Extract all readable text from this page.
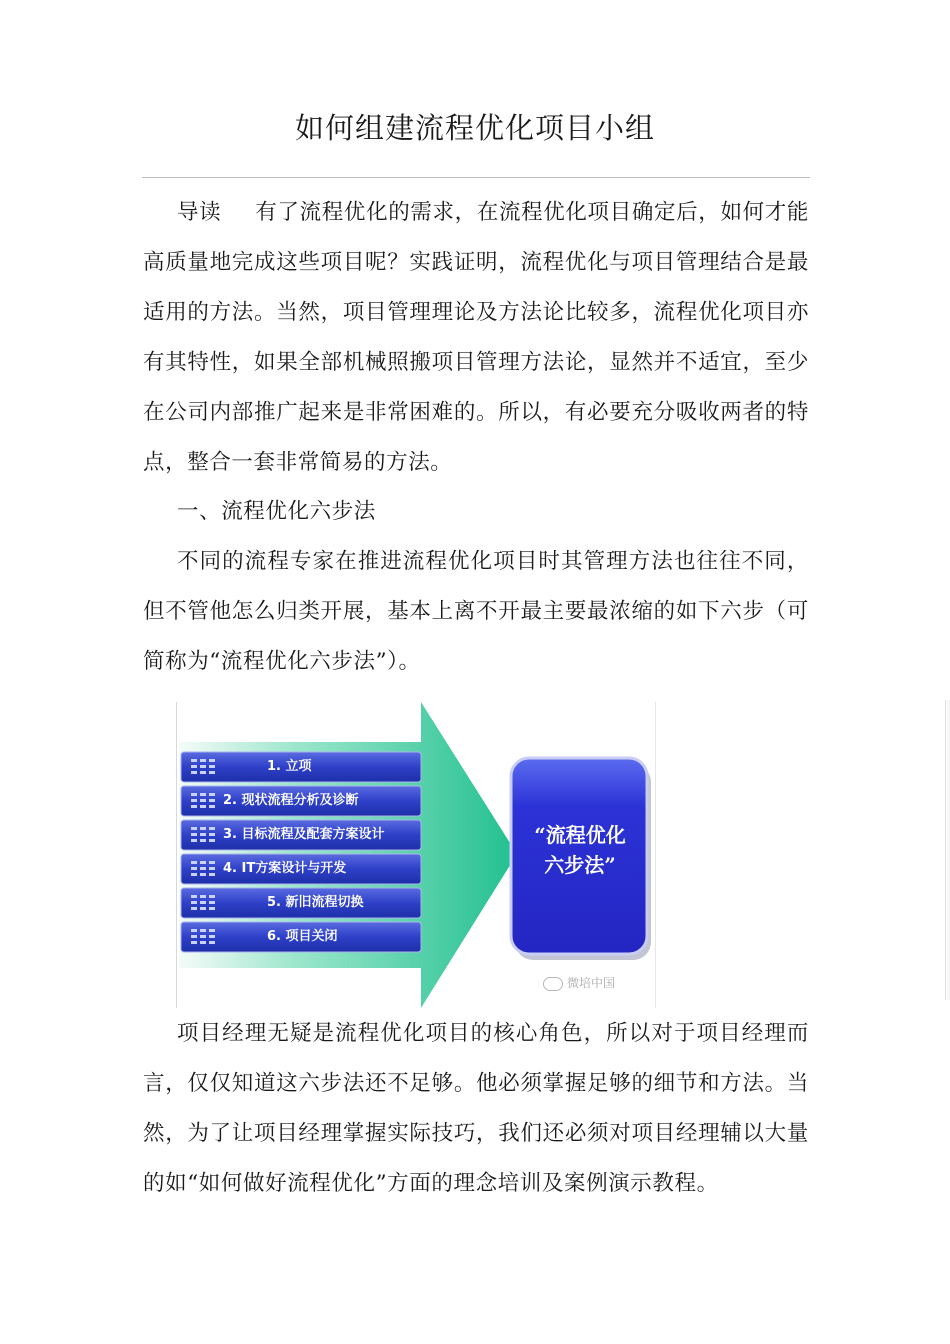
如何组建流程优化项目小组

导读 有了流程优化的需求，在流程优化项目确定后，如何才能高质量地完成这些项目呢？实践证明，流程优化与项目管理结合是最适用的方法。当然，项目管理理论及方法论比较多，流程优化项目亦有其特性，如果全部机械照搬项目管理方法论，显然并不适宜，至少在公司内部推广起来是非常困难的。所以，有必要充分吸收两者的特点，整合一套非常简易的方法。

一、流程优化六步法

不同的流程专家在推进流程优化项目时其管理方法也往往不同，但不管他怎么归类开展，基本上离不开最主要最浓缩的如下六步（可简称为“流程优化六步法”）。

1. 立项
2. 现状流程分析及诊断
3. 目标流程及配套方案设计
4. IT方案设计与开发
5. 新旧流程切换
6. 项目关闭
“流程优化
六步法”
微培中国

项目经理无疑是流程优化项目的核心角色，所以对于项目经理而言，仅仅知道这六步法还不足够。他必须掌握足够的细节和方法。当然，为了让项目经理掌握实际技巧，我们还必须对项目经理辅以大量的如“如何做好流程优化”方面的理念培训及案例演示教程。
